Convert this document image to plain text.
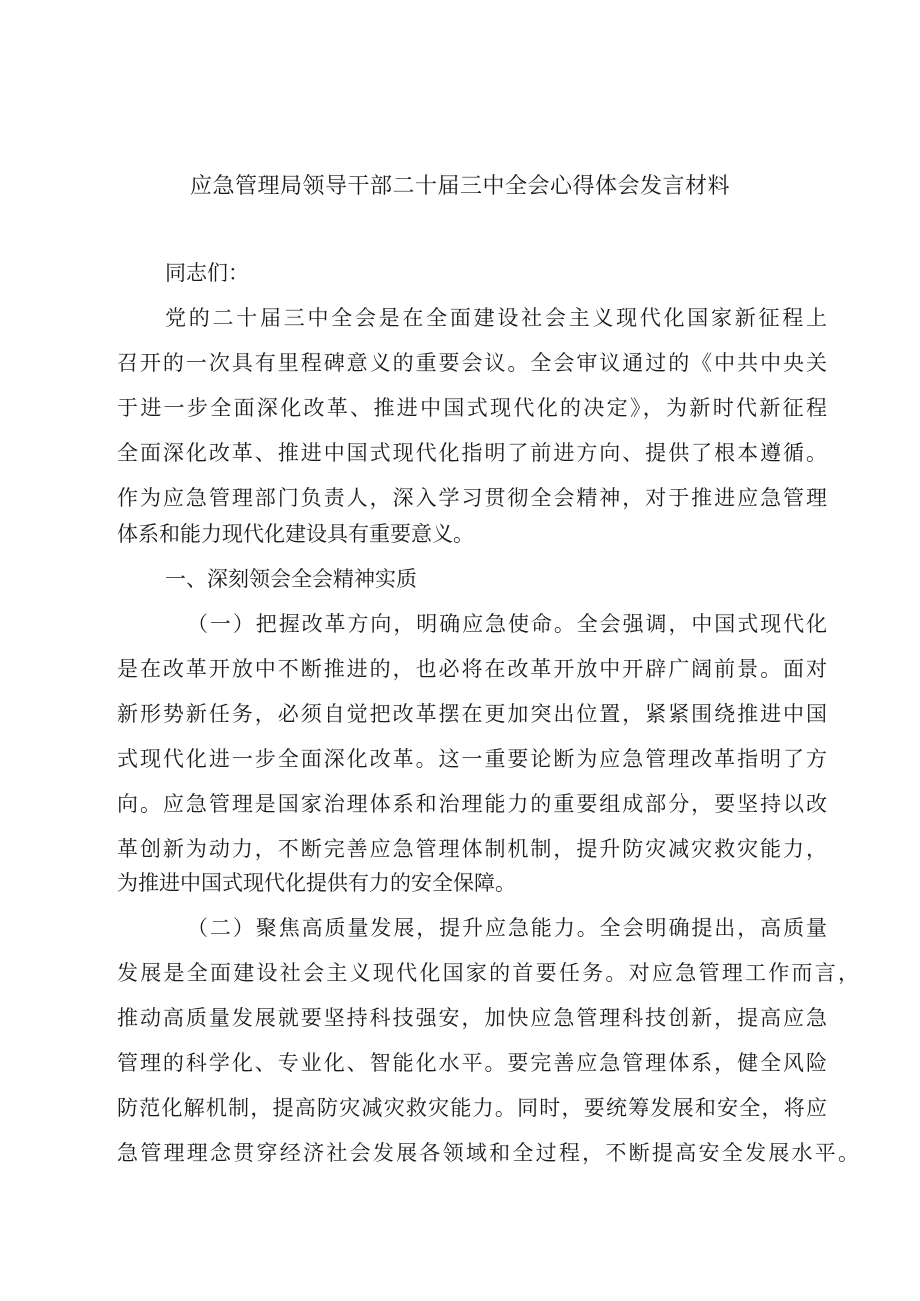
应急管理局领导干部二十届三中全会心得体会发言材料

同志们：

党的二十届三中全会是在全面建设社会主义现代化国家新征程上

召开的一次具有里程碑意义的重要会议。全会审议通过的《中共中央关

于进一步全面深化改革、推进中国式现代化的决定》，为新时代新征程

全面深化改革、推进中国式现代化指明了前进方向、提供了根本遵循。

作为应急管理部门负责人，深入学习贯彻全会精神，对于推进应急管理

体系和能力现代化建设具有重要意义。

一、深刻领会全会精神实质

（一）把握改革方向，明确应急使命。全会强调，中国式现代化

是在改革开放中不断推进的，也必将在改革开放中开辟广阔前景。面对

新形势新任务，必须自觉把改革摆在更加突出位置，紧紧围绕推进中国

式现代化进一步全面深化改革。这一重要论断为应急管理改革指明了方

向。应急管理是国家治理体系和治理能力的重要组成部分，要坚持以改

革创新为动力，不断完善应急管理体制机制，提升防灾减灾救灾能力，

为推进中国式现代化提供有力的安全保障。

（二）聚焦高质量发展，提升应急能力。全会明确提出，高质量

发展是全面建设社会主义现代化国家的首要任务。对应急管理工作而言，

推动高质量发展就要坚持科技强安，加快应急管理科技创新，提高应急

管理的科学化、专业化、智能化水平。要完善应急管理体系，健全风险

防范化解机制，提高防灾减灾救灾能力。同时，要统筹发展和安全，将应

急管理理念贯穿经济社会发展各领域和全过程，不断提高安全发展水平。
